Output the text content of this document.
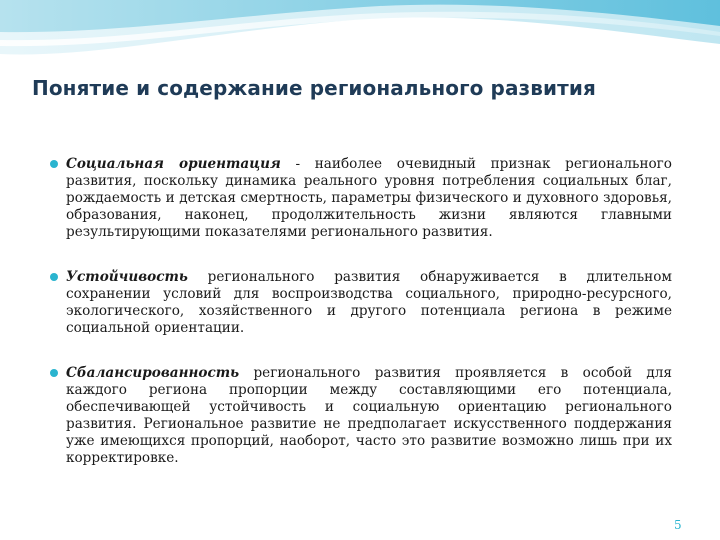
Понятие и содержание регионального развития
Социальная ориентация - наиболее очевидный признак регионального развития, поскольку динамика реального уровня потребления социальных благ, рождаемость и детская смертность, параметры физического и духовного здоровья, образования, наконец, продолжительность жизни являются главными результирующими показателями регионального развития.
Устойчивость регионального развития обнаруживается в длительном сохранении условий для воспроизводства социального, природно-ресурсного, экологического, хозяйственного и другого потенциала региона в режиме социальной ориентации.
Сбалансированность регионального развития проявляется в особой для каждого региона пропорции между составляющими его потенциала, обеспечивающей устойчивость и социальную ориентацию регионального развития. Региональное развитие не предполагает искусственного поддержания уже имеющихся пропорций, наоборот, часто это развитие возможно лишь при их корректировке.
5
